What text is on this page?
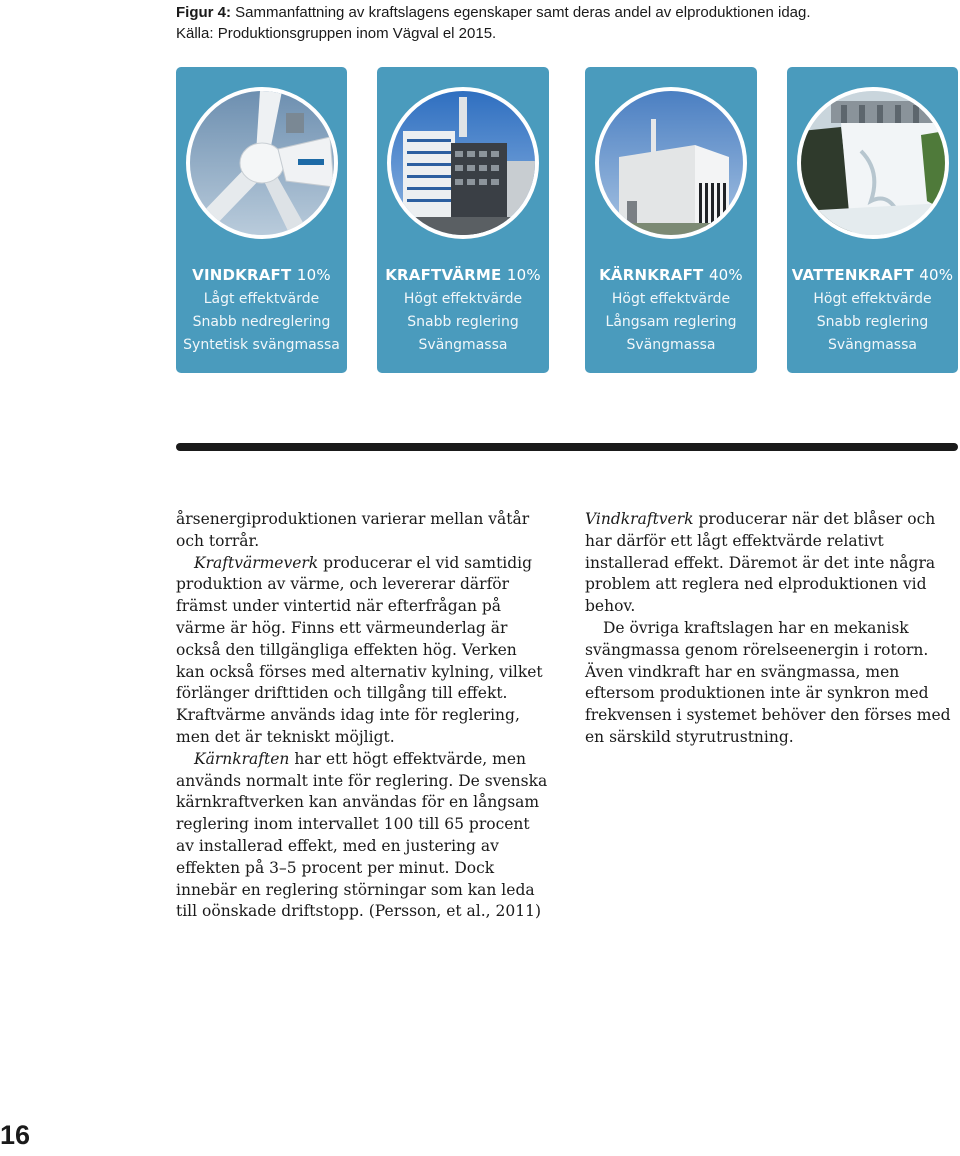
Figur 4: Sammanfattning av kraftslagens egenskaper samt deras andel av elproduktionen idag.
Källa: Produktionsgruppen inom Vägval el 2015.
VINDKRAFT 10%
Lågt effektvärde
Snabb nedreglering
Syntetisk svängmassa
KRAFTVÄRME 10%
Högt effektvärde
Snabb reglering
Svängmassa
KÄRNKRAFT 40%
Högt effektvärde
Långsam reglering
Svängmassa
VATTENKRAFT 40%
Högt effektvärde
Snabb reglering
Svängmassa

årsenergiproduktionen varierar mellan våtår och torrår.

Kraftvärmeverk producerar el vid samtidig produktion av värme, och levererar därför främst under vintertid när efterfrågan på värme är hög. Finns ett värmeunderlag är också den tillgängliga effekten hög. Verken kan också förses med alternativ kylning, vilket förlänger drifttiden och tillgång till effekt. Kraftvärme används idag inte för reglering, men det är tekniskt möjligt.

Kärnkraften har ett högt effektvärde, men används normalt inte för reglering. De svenska kärnkraftverken kan användas för en långsam reglering inom intervallet 100 till 65 procent av installerad effekt, med en justering av effekten på 3–5 procent per minut. Dock innebär en reglering störningar som kan leda till oönskade driftstopp. (Persson, et al., 2011)

Vindkraftverk producerar när det blåser och har därför ett lågt effektvärde relativt installerad effekt. Däremot är det inte några problem att reglera ned elproduktionen vid behov.

De övriga kraftslagen har en mekanisk svängmassa genom rörelseenergin i rotorn. Även vindkraft har en svängmassa, men eftersom produktionen inte är synkron med frekvensen i systemet behöver den förses med en särskild styrutrustning.

16
